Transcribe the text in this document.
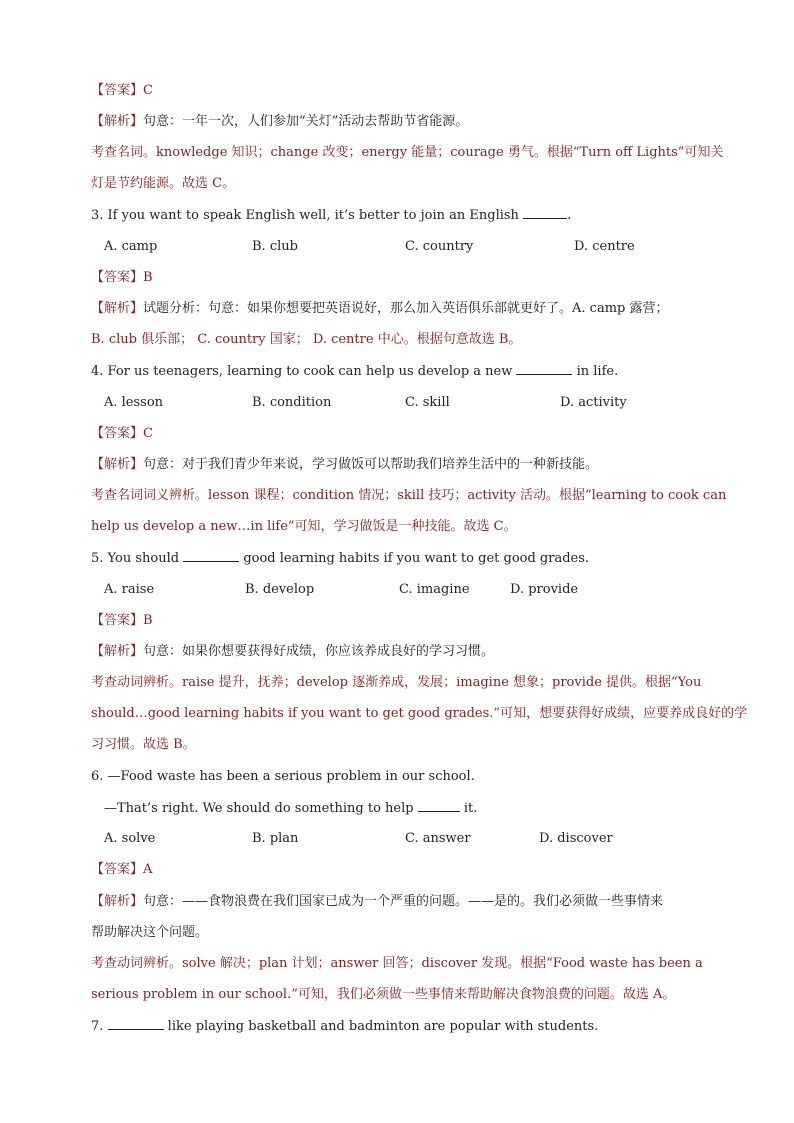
【答案】C
【解析】句意：一年一次，人们参加“关灯”活动去帮助节省能源。
考查名词。knowledge 知识；change 改变；energy 能量；courage 勇气。根据“Turn off Lights”可知关
灯是节约能源。故选 C。
3. If you want to speak English well, it’s better to join an English	.
A. camp	B. club	C. country	D. centre
【答案】B
【解析】试题分析：句意：如果你想要把英语说好，那么加入英语俱乐部就更好了。A. camp 露营；
B. club 俱乐部； C. country 国家； D. centre 中心。根据句意故选 B。
4. For us teenagers, learning to cook can help us develop a new	in life.
A. lesson	B. condition	C. skill	D. activity
【答案】C
【解析】句意：对于我们青少年来说，学习做饭可以帮助我们培养生活中的一种新技能。
考查名词词义辨析。lesson 课程；condition 情况；skill 技巧；activity 活动。根据“learning to cook can
help us develop a new…in life”可知，学习做饭是一种技能。故选 C。
5. You should	good learning habits if you want to get good grades.
A. raise	B. develop	C. imagine	D. provide
【答案】B
【解析】句意：如果你想要获得好成绩，你应该养成良好的学习习惯。
考查动词辨析。raise 提升，抚养；develop 逐渐养成，发展；imagine 想象；provide 提供。根据“You
should…good learning habits if you want to get good grades.”可知，想要获得好成绩，应要养成良好的学
习习惯。故选 B。
6. —Food waste has been a serious problem in our school.
—That’s right. We should do something to help	it.
A. solve	B. plan	C. answer	D. discover
【答案】A
【解析】句意：——食物浪费在我们国家已成为一个严重的问题。——是的。我们必须做一些事情来
帮助解决这个问题。
考查动词辨析。solve 解决；plan 计划；answer 回答；discover 发现。根据“Food waste has been a
serious problem in our school.”可知，我们必须做一些事情来帮助解决食物浪费的问题。故选 A。
7.	like playing basketball and badminton are popular with students.
